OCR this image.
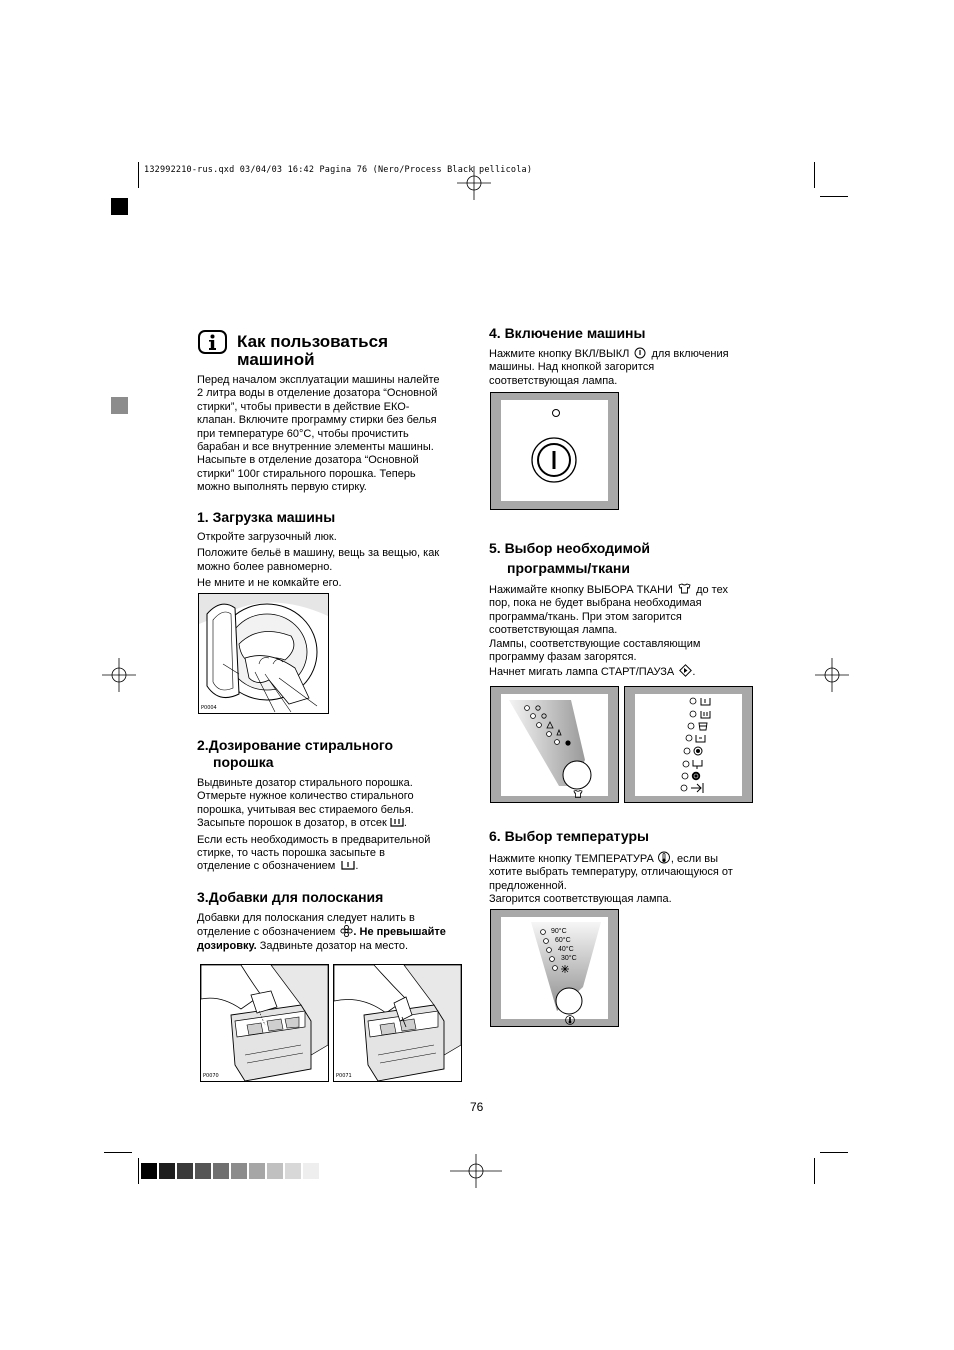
132992210-rus.qxd 03/04/03 16:42 Pagina 76 (Nero/Process Black pellicola)
Как пользоваться
машиной

Перед началом эксплуатации машины налейте

2 литра воды в отделение дозатора “Основной

стирки”, чтобы привести в действие ЕКО-

клапан. Включите программу стирки без белья

при температуре 60°С, чтобы прочистить

барабан и все внутренние элементы машины.

Насыпьте в отделение дозатора “Основной

стирки” 100г стирального порошка. Теперь

можно выполнять первую стирку.

1. Загрузка машины

Откройте загрузочный люк.

Положите бельё в машину, вещь за вещью, как

можно более равномерно.

Не мните и не комкайте его.

P0004
2.Дозирование стирального
порошка

Выдвиньте дозатор стирального порошка.

Отмерьте нужное количество стирального

порошка, учитывая вес стираемого белья.

Засыпьте порошок в дозатор, в отсек .

Если есть необходимость в предварительной

стирке, то часть порошка засыпьте в

отделение с обозначением .

3.Добавки для полоскания

Добавки для полоскания следует налить в

отделение с обозначением . Не превышайте

дозировку. Задвиньте дозатор на место.

P0070	P0071
4. Включение машины

Нажмите кнопку ВКЛ/ВЫКЛ для включения

машины. Над кнопкой загорится

соответствующая лампа.

5. Выбор необходимой
программы/ткани

Нажимайте кнопку ВЫБОРА ТКАНИ до тех

пор, пока не будет выбрана необходимая

программа/ткань. При этом загорится

соответствующая лампа.

Лампы, соответствующие составляющим

программу фазам загорятся.

Начнет мигать лампа СТАРТ/ПАУЗА .

6. Выбор температуры

Нажмите кнопку ТЕМПЕРАТУРА , если вы

хотите выбрать температуру, отличающуюся от

предложенной.

Загорится соответствующая лампа.

90°C
60°C
40°C
30°C
76
